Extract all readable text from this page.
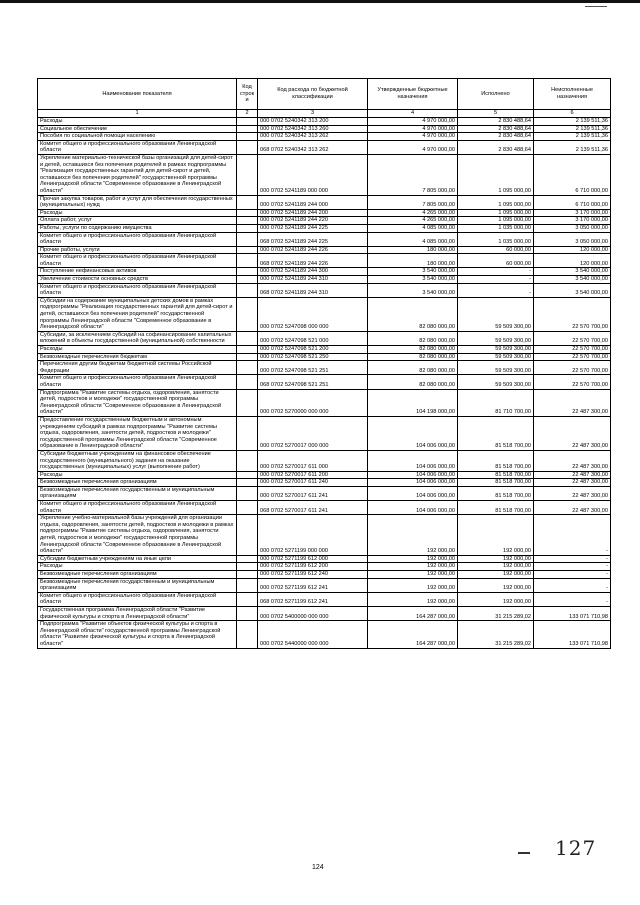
Наименование показателя	Код строк и	Код расхода по бюджетной классификации	Утвержденные бюджетные назначения	Исполнено	Неисполненные назначения
1	2	3	4	5	6
Расходы		000 0702 5240342 313 200	4 970 000,00	2 830 488,64	2 139 511,36
Социальное обеспечение		000 0702 5240342 313 260	4 970 000,00	2 830 488,64	2 139 511,36
Пособия по социальной помощи населению		000 0702 5240342 313 262	4 970 000,00	2 830 488,64	2 139 511,36
Комитет общего и профессионального образования Ленинградской области		068 0702 5240342 313 262	4 970 000,00	2 830 488,64	2 139 511,36
Укрепление материально-технической базы организаций для детей-сирот и детей, оставшихся без попечения родителей в рамках подпрограммы "Реализация государственных гарантий для детей-сирот и детей, оставшихся без попечения родителей" государственной программы Ленинградской области "Современное образование в Ленинградской области"		000 0702 5241189 000 000	7 805 000,00	1 095 000,00	6 710 000,00
Прочая закупка товаров, работ и услуг для обеспечения государственных (муниципальных) нужд		000 0702 5241189 244 000	7 805 000,00	1 095 000,00	6 710 000,00
Расходы		000 0702 5241189 244 200	4 265 000,00	1 095 000,00	3 170 000,00
Оплата работ, услуг		000 0702 5241189 244 220	4 265 000,00	1 095 000,00	3 170 000,00
Работы, услуги по содержанию имущества		000 0702 5241189 244 225	4 085 000,00	1 035 000,00	3 050 000,00
Комитет общего и профессионального образования Ленинградской области		068 0702 5241189 244 225	4 085 000,00	1 035 000,00	3 050 000,00
Прочие работы, услуги		000 0702 5241189 244 226	180 000,00	60 000,00	120 000,00
Комитет общего и профессионального образования Ленинградской области		068 0702 5241189 244 226	180 000,00	60 000,00	120 000,00
Поступление нефинансовых активов		000 0702 5241189 244 300	3 540 000,00	-	3 540 000,00
Увеличение стоимости основных средств		000 0702 5241189 244 310	3 540 000,00	-	3 540 000,00
Комитет общего и профессионального образования Ленинградской области		068 0702 5241189 244 310	3 540 000,00	-	3 540 000,00
Субсидии на содержание муниципальных детских домов в рамках подпрограммы "Реализация государственных гарантий для детей-сирот и детей, оставшихся без попечения родителей" государственной программы Ленинградской области "Современное образование в Ленинградской области"		000 0702 5247098 000 000	82 080 000,00	59 509 300,00	22 570 700,00
Субсидии, за исключением субсидий на софинансирование капитальных вложений в объекты государственной (муниципальной) собственности		000 0702 5247098 521 000	82 080 000,00	59 509 300,00	22 570 700,00
Расходы		000 0702 5247098 521 200	82 080 000,00	59 509 300,00	22 570 700,00
Безвозмездные перечисления бюджетам		000 0702 5247098 521 250	82 080 000,00	59 509 300,00	22 570 700,00
Перечисления другим бюджетам бюджетной системы Российской Федерации		000 0702 5247098 521 251	82 080 000,00	59 509 300,00	22 570 700,00
Комитет общего и профессионального образования Ленинградской области		068 0702 5247098 521 251	82 080 000,00	59 509 300,00	22 570 700,00
Подпрограмма "Развитие системы отдыха, оздоровления, занятости детей, подростков и молодежи" государственной программы Ленинградской области "Современное образование в Ленинградской области"		000 0702 5270000 000 000	104 198 000,00	81 710 700,00	22 487 300,00
Предоставление государственным бюджетным и автономным учреждениям субсидий в рамках подпрограммы "Развитие системы отдыха, оздоровления, занятости детей, подростков и молодежи" государственной программы Ленинградской области "Современное образование в Ленинградской области"		000 0702 5270017 000 000	104 006 000,00	81 518 700,00	22 487 300,00
Субсидии бюджетным учреждениям на финансовое обеспечение государственного (муниципального) задания на оказание государственных (муниципальных) услуг (выполнение работ)		000 0702 5270017 611 000	104 006 000,00	81 518 700,00	22 487 300,00
Расходы		000 0702 5270017 611 200	104 006 000,00	81 518 700,00	22 487 300,00
Безвозмездные перечисления организациям		000 0702 5270017 611 240	104 006 000,00	81 518 700,00	22 487 300,00
Безвозмездные перечисления государственным и муниципальным организациям		000 0702 5270017 611 241	104 006 000,00	81 518 700,00	22 487 300,00
Комитет общего и профессионального образования Ленинградской области		068 0702 5270017 611 241	104 006 000,00	81 518 700,00	22 487 300,00
Укрепление учебно-материальной базы учреждений для организации отдыха, оздоровления, занятости детей, подростков и молодежи в рамках подпрограммы "Развитие системы отдыха, оздоровления, занятости детей, подростков и молодежи" государственной программы Ленинградской области "Современное образование в Ленинградской области"		000 0702 5271199 000 000	192 000,00	192 000,00	-
Субсидии бюджетным учреждениям на иные цели		000 0702 5271199 612 000	192 000,00	192 000,00	-
Расходы		000 0702 5271199 612 200	192 000,00	192 000,00	-
Безвозмездные перечисления организациям		000 0702 5271199 612 240	192 000,00	192 000,00	-
Безвозмездные перечисления государственным и муниципальным организациям		000 0702 5271199 612 241	192 000,00	192 000,00	-
Комитет общего и профессионального образования Ленинградской области		068 0702 5271199 612 241	192 000,00	192 000,00	-
Государственная программа Ленинградской области "Развитие физической культуры и спорта в Ленинградской области"		000 0702 5400000 000 000	164 287 000,00	31 215 289,02	133 071 710,98
Подпрограмма "Развитие объектов физической культуры и спорта в Ленинградской области" государственной программы Ленинградской области "Развитие физической культуры и спорта в Ленинградской области"		000 0702 5440000 000 000	164 287 000,00	31 215 289,02	133 071 710,98
127
124
